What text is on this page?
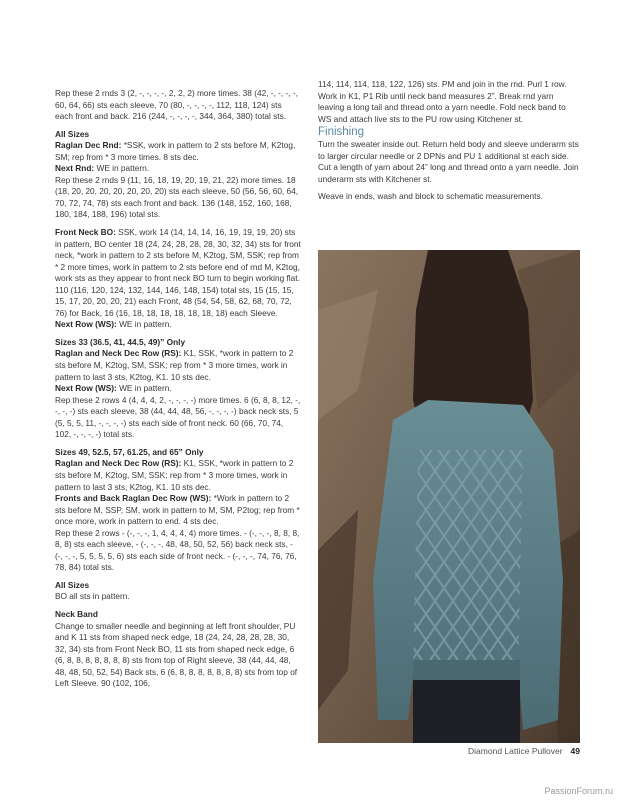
Rep these 2 rnds 3 (2, -, -, -, -, 2, 2, 2) more times. 38 (42, -, -, -, -, 60, 64, 66) sts each sleeve, 70 (80, -, -, -, -, 112, 118, 124) sts each front and back. 216 (244, -, -, -, -, 344, 364, 380) total sts.

All Sizes

Raglan Dec Rnd: *SSK, work in pattern to 2 sts before M, K2tog, SM; rep from * 3 more times. 8 sts dec.

Next Rnd: WE in pattern.

Rep these 2 rnds 9 (11, 16, 18, 19, 20, 19, 21, 22) more times. 18 (18, 20, 20, 20, 20, 20, 20, 20) sts each sleeve, 50 (56, 56, 60, 64, 70, 72, 74, 78) sts each front and back. 136 (148, 152, 160, 168, 180, 184, 188, 196) total sts.

Front Neck BO: SSK, work 14 (14, 14, 14, 16, 19, 19, 19, 20) sts in pattern, BO center 18 (24, 24, 28, 28, 28, 30, 32, 34) sts for front neck, *work in pattern to 2 sts before M, K2tog, SM, SSK; rep from * 2 more times, work in pattern to 2 sts before end of rnd M, K2tog, work sts as they appear to front neck BO turn to begin working flat. 110 (116, 120, 124, 132, 144, 146, 148, 154) total sts, 15 (15, 15, 15, 17, 20, 20, 20, 21) each Front, 48 (54, 54, 58, 62, 68, 70, 72, 76) for Back, 16 (16, 18, 18, 18, 18, 18, 18, 18) each Sleeve.

Next Row (WS): WE in pattern.

Sizes 33 (36.5, 41, 44.5, 49)” Only

Raglan and Neck Dec Row (RS): K1, SSK, *work in pattern to 2 sts before M, K2tog, SM, SSK; rep from * 3 more times, work in pattern to last 3 sts, K2tog, K1. 10 sts dec.

Next Row (WS): WE in pattern.

Rep these 2 rows 4 (4, 4, 4, 2, -, -, -, -) more times. 6 (6, 8, 8, 12, -, -, -, -) sts each sleeve, 38 (44, 44, 48, 56, -, -, -, -) back neck sts, 5 (5, 5, 5, 11, -, -, -, -) sts each side of front neck. 60 (66, 70, 74, 102, -, -, -, -) total sts.

Sizes 49, 52.5, 57, 61.25, and 65” Only

Raglan and Neck Dec Row (RS): K1, SSK, *work in pattern to 2 sts before M, K2tog, SM, SSK; rep from * 3 more times, work in pattern to last 3 sts, K2tog, K1. 10 sts dec.

Fronts and Back Raglan Dec Row (WS): *Work in pattern to 2 sts before M, SSP, SM, work in pattern to M, SM, P2tog; rep from * once more, work in pattern to end. 4 sts dec.

Rep these 2 rows - (-, -, -, 1, 4, 4, 4, 4) more times. - (-, -, -, 8, 8, 8, 8, 8) sts each sleeve, - (-, -, -, 48, 48, 50, 52, 56) back neck sts, - (-, -, -, 5, 5, 5, 5, 6) sts each side of front neck. - (-, -, -, 74, 76, 76, 78, 84) total sts.

All Sizes

BO all sts in pattern.

Neck Band

Change to smaller needle and beginning at left front shoulder, PU and K 11 sts from shaped neck edge, 18 (24, 24, 28, 28, 28, 30, 32, 34) sts from Front Neck BO, 11 sts from shaped neck edge, 6 (6, 8, 8, 8, 8, 8, 8, 8) sts from top of Right sleeve, 38 (44, 44, 48, 48, 48, 50, 52, 54) Back sts, 6 (6, 8, 8, 8, 8, 8, 8, 8) sts from top of Left Sleeve. 90 (102, 106,

114, 114, 114, 118, 122, 126) sts. PM and join in the rnd. Purl 1 row. Work in K1, P1 Rib until neck band measures 2”. Break rnd yarn leaving a long tail and thread onto a yarn needle. Fold neck band to WS and attach live sts to the PU row using Kitchener st.

Finishing

Turn the sweater inside out. Return held body and sleeve underarm sts to larger circular needle or 2 DPNs and PU 1 additional st each side. Cut a length of yarn about 24” long and thread onto a yarn needle. Join underarm sts with Kitchener st.

Weave in ends, wash and block to schematic measurements.

Diamond Lattice Pullover 49
PassionForum.ru
